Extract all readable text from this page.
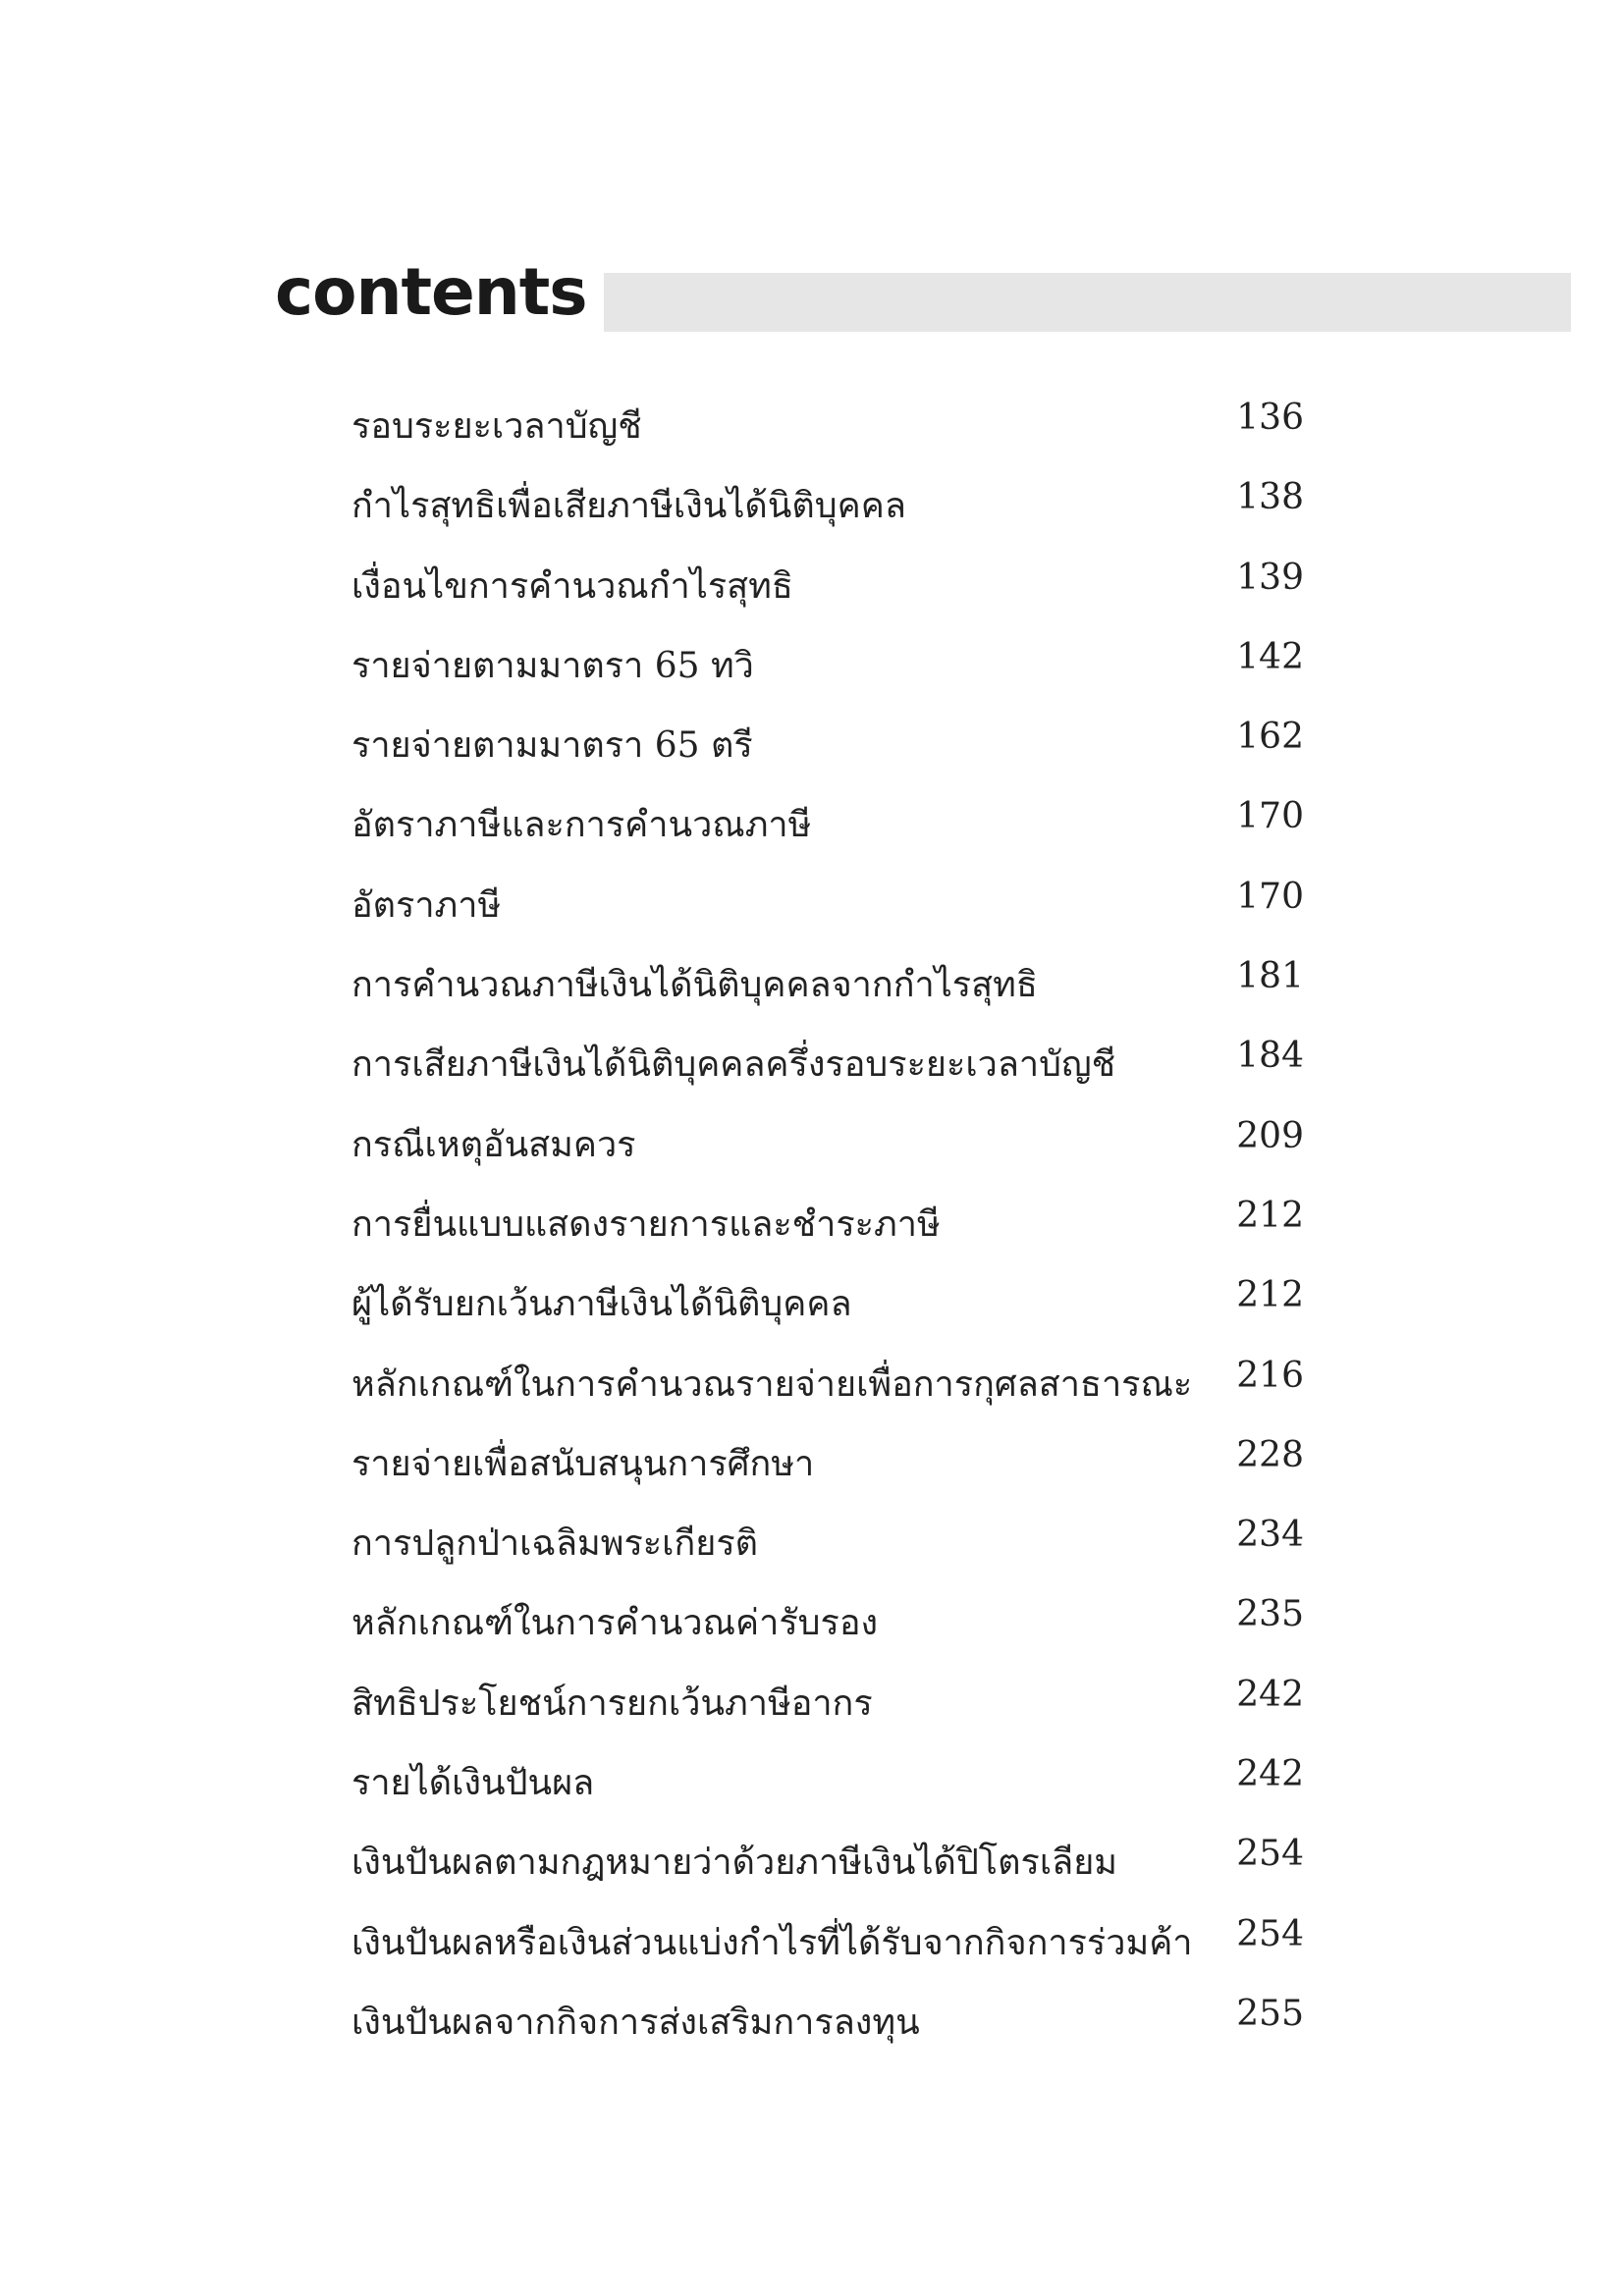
contents
รอบระยะเวลาบัญชี	136
กำไรสุทธิเพื่อเสียภาษีเงินได้นิติบุคคล	138
เงื่อนไขการคำนวณกำไรสุทธิ	139
รายจ่ายตามมาตรา 65 ทวิ	142
รายจ่ายตามมาตรา 65 ตรี	162
อัตราภาษีและการคำนวณภาษี	170
อัตราภาษี	170
การคำนวณภาษีเงินได้นิติบุคคลจากกำไรสุทธิ	181
การเสียภาษีเงินได้นิติบุคคลครึ่งรอบระยะเวลาบัญชี	184
กรณีเหตุอันสมควร	209
การยื่นแบบแสดงรายการและชำระภาษี	212
ผู้ได้รับยกเว้นภาษีเงินได้นิติบุคคล	212
หลักเกณฑ์ในการคำนวณรายจ่ายเพื่อการกุศลสาธารณะ 216
รายจ่ายเพื่อสนับสนุนการศึกษา	228
การปลูกป่าเฉลิมพระเกียรติ	234
หลักเกณฑ์ในการคำนวณค่ารับรอง	235
สิทธิประโยชน์การยกเว้นภาษีอากร	242
รายได้เงินปันผล	242
เงินปันผลตามกฎหมายว่าด้วยภาษีเงินได้ปิโตรเลียม	254
เงินปันผลหรือเงินส่วนแบ่งกำไรที่ได้รับจากกิจการร่วมค้า 254
เงินปันผลจากกิจการส่งเสริมการลงทุน	255
